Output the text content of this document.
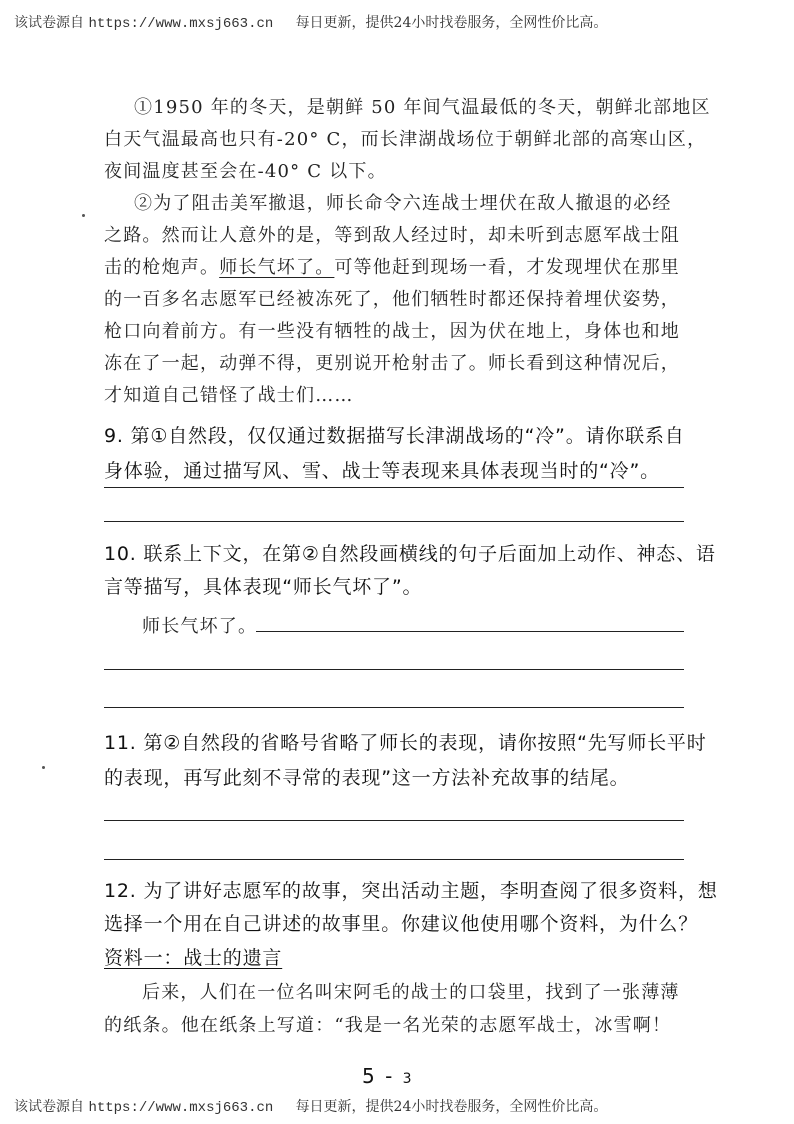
该试卷源自 https://www.mxsj663.cn 每日更新，提供24小时找卷服务，全网性价比高。
①1950 年的冬天，是朝鲜 50 年间气温最低的冬天，朝鲜北部地区
白天气温最高也只有-20° C，而长津湖战场位于朝鲜北部的高寒山区，
夜间温度甚至会在-40° C 以下。
②为了阻击美军撤退，师长命令六连战士埋伏在敌人撤退的必经
之路。然而让人意外的是，等到敌人经过时，却未听到志愿军战士阻
击的枪炮声。师长气坏了。可等他赶到现场一看，才发现埋伏在那里
的一百多名志愿军已经被冻死了，他们牺牲时都还保持着埋伏姿势，
枪口向着前方。有一些没有牺牲的战士，因为伏在地上，身体也和地
冻在了一起，动弹不得，更别说开枪射击了。师长看到这种情况后，
才知道自己错怪了战士们……
9. 第①自然段，仅仅通过数据描写长津湖战场的“冷”。请你联系自
身体验，通过描写风、雪、战士等表现来具体表现当时的“冷”。
10. 联系上下文，在第②自然段画横线的句子后面加上动作、神态、语
言等描写，具体表现“师长气坏了”。
师长气坏了。
11. 第②自然段的省略号省略了师长的表现，请你按照“先写师长平时
的表现，再写此刻不寻常的表现”这一方法补充故事的结尾。
12. 为了讲好志愿军的故事，突出活动主题，李明查阅了很多资料，想
选择一个用在自己讲述的故事里。你建议他使用哪个资料，为什么？
资料一：战士的遗言
后来，人们在一位名叫宋阿毛的战士的口袋里，找到了一张薄薄
的纸条。他在纸条上写道：“我是一名光荣的志愿军战士，冰雪啊！
5 - 3
该试卷源自 https://www.mxsj663.cn 每日更新，提供24小时找卷服务，全网性价比高。
